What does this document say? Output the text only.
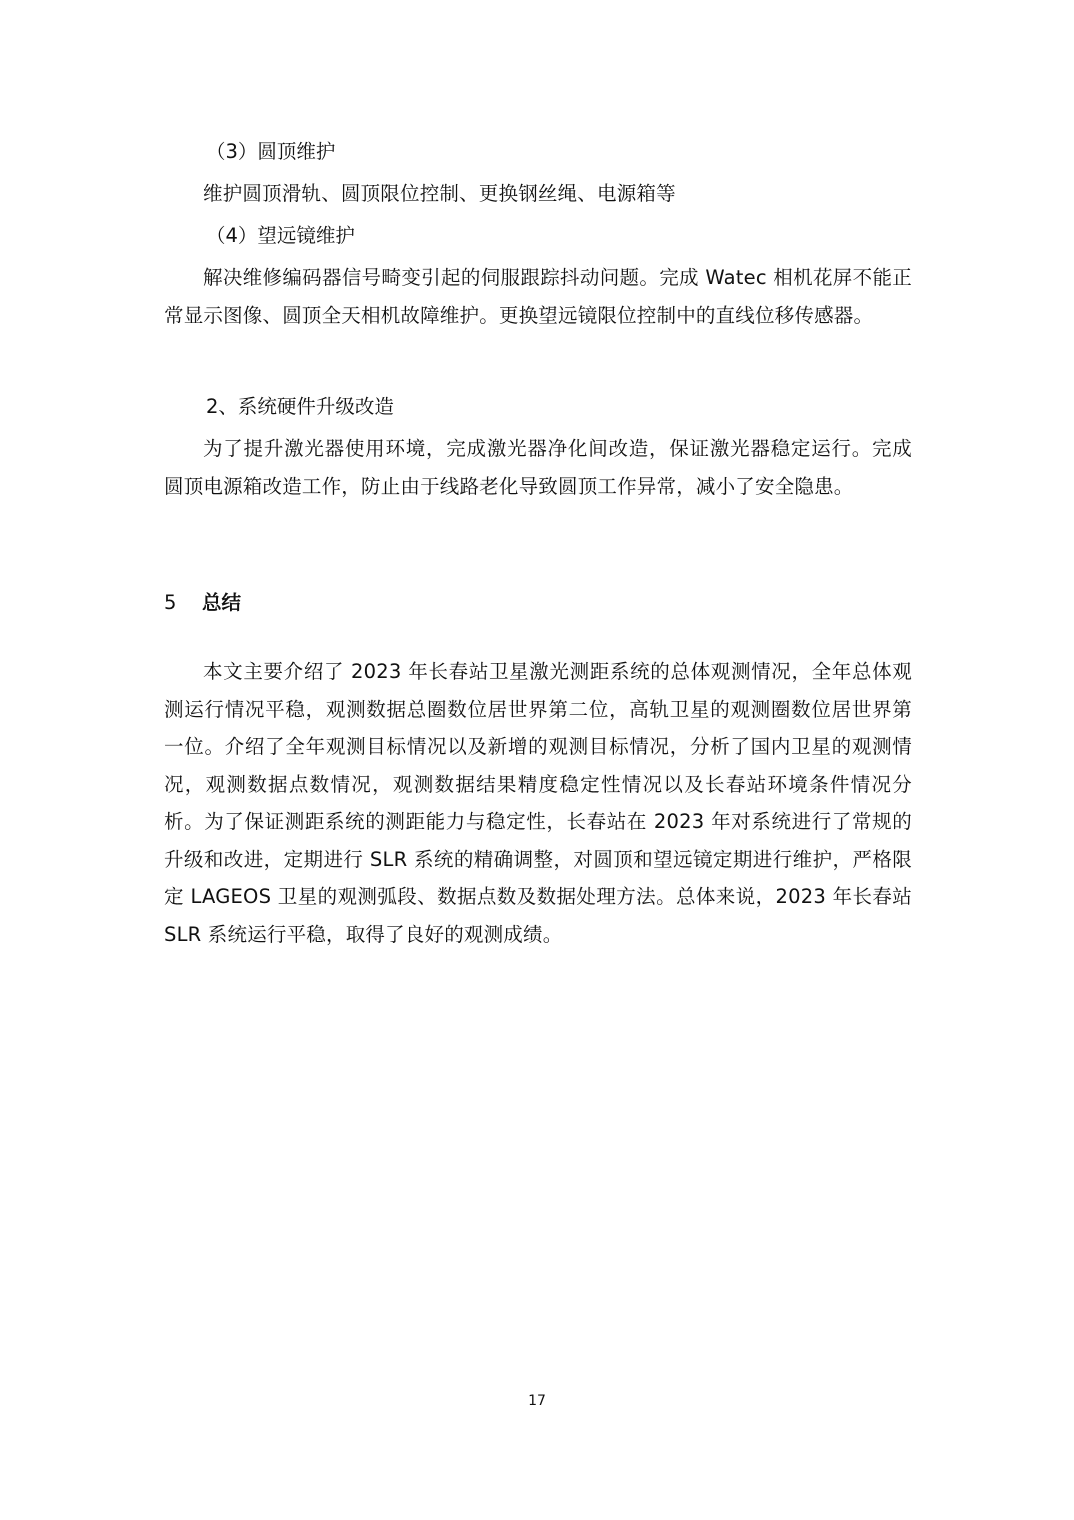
（3）圆顶维护

维护圆顶滑轨、圆顶限位控制、更换钢丝绳、电源箱等

（4）望远镜维护

解决维修编码器信号畸变引起的伺服跟踪抖动问题。完成 Watec 相机花屏不能正常显示图像、圆顶全天相机故障维护。更换望远镜限位控制中的直线位移传感器。

2、系统硬件升级改造

为了提升激光器使用环境，完成激光器净化间改造，保证激光器稳定运行。完成圆顶电源箱改造工作，防止由于线路老化导致圆顶工作异常，减小了安全隐患。

5	总结

本文主要介绍了 2023 年长春站卫星激光测距系统的总体观测情况，全年总体观测运行情况平稳，观测数据总圈数位居世界第二位，高轨卫星的观测圈数位居世界第一位。介绍了全年观测目标情况以及新增的观测目标情况，分析了国内卫星的观测情况，观测数据点数情况，观测数据结果精度稳定性情况以及长春站环境条件情况分析。为了保证测距系统的测距能力与稳定性，长春站在 2023 年对系统进行了常规的升级和改进，定期进行 SLR 系统的精确调整，对圆顶和望远镜定期进行维护，严格限定 LAGEOS 卫星的观测弧段、数据点数及数据处理方法。总体来说，2023 年长春站 SLR 系统运行平稳，取得了良好的观测成绩。

17
